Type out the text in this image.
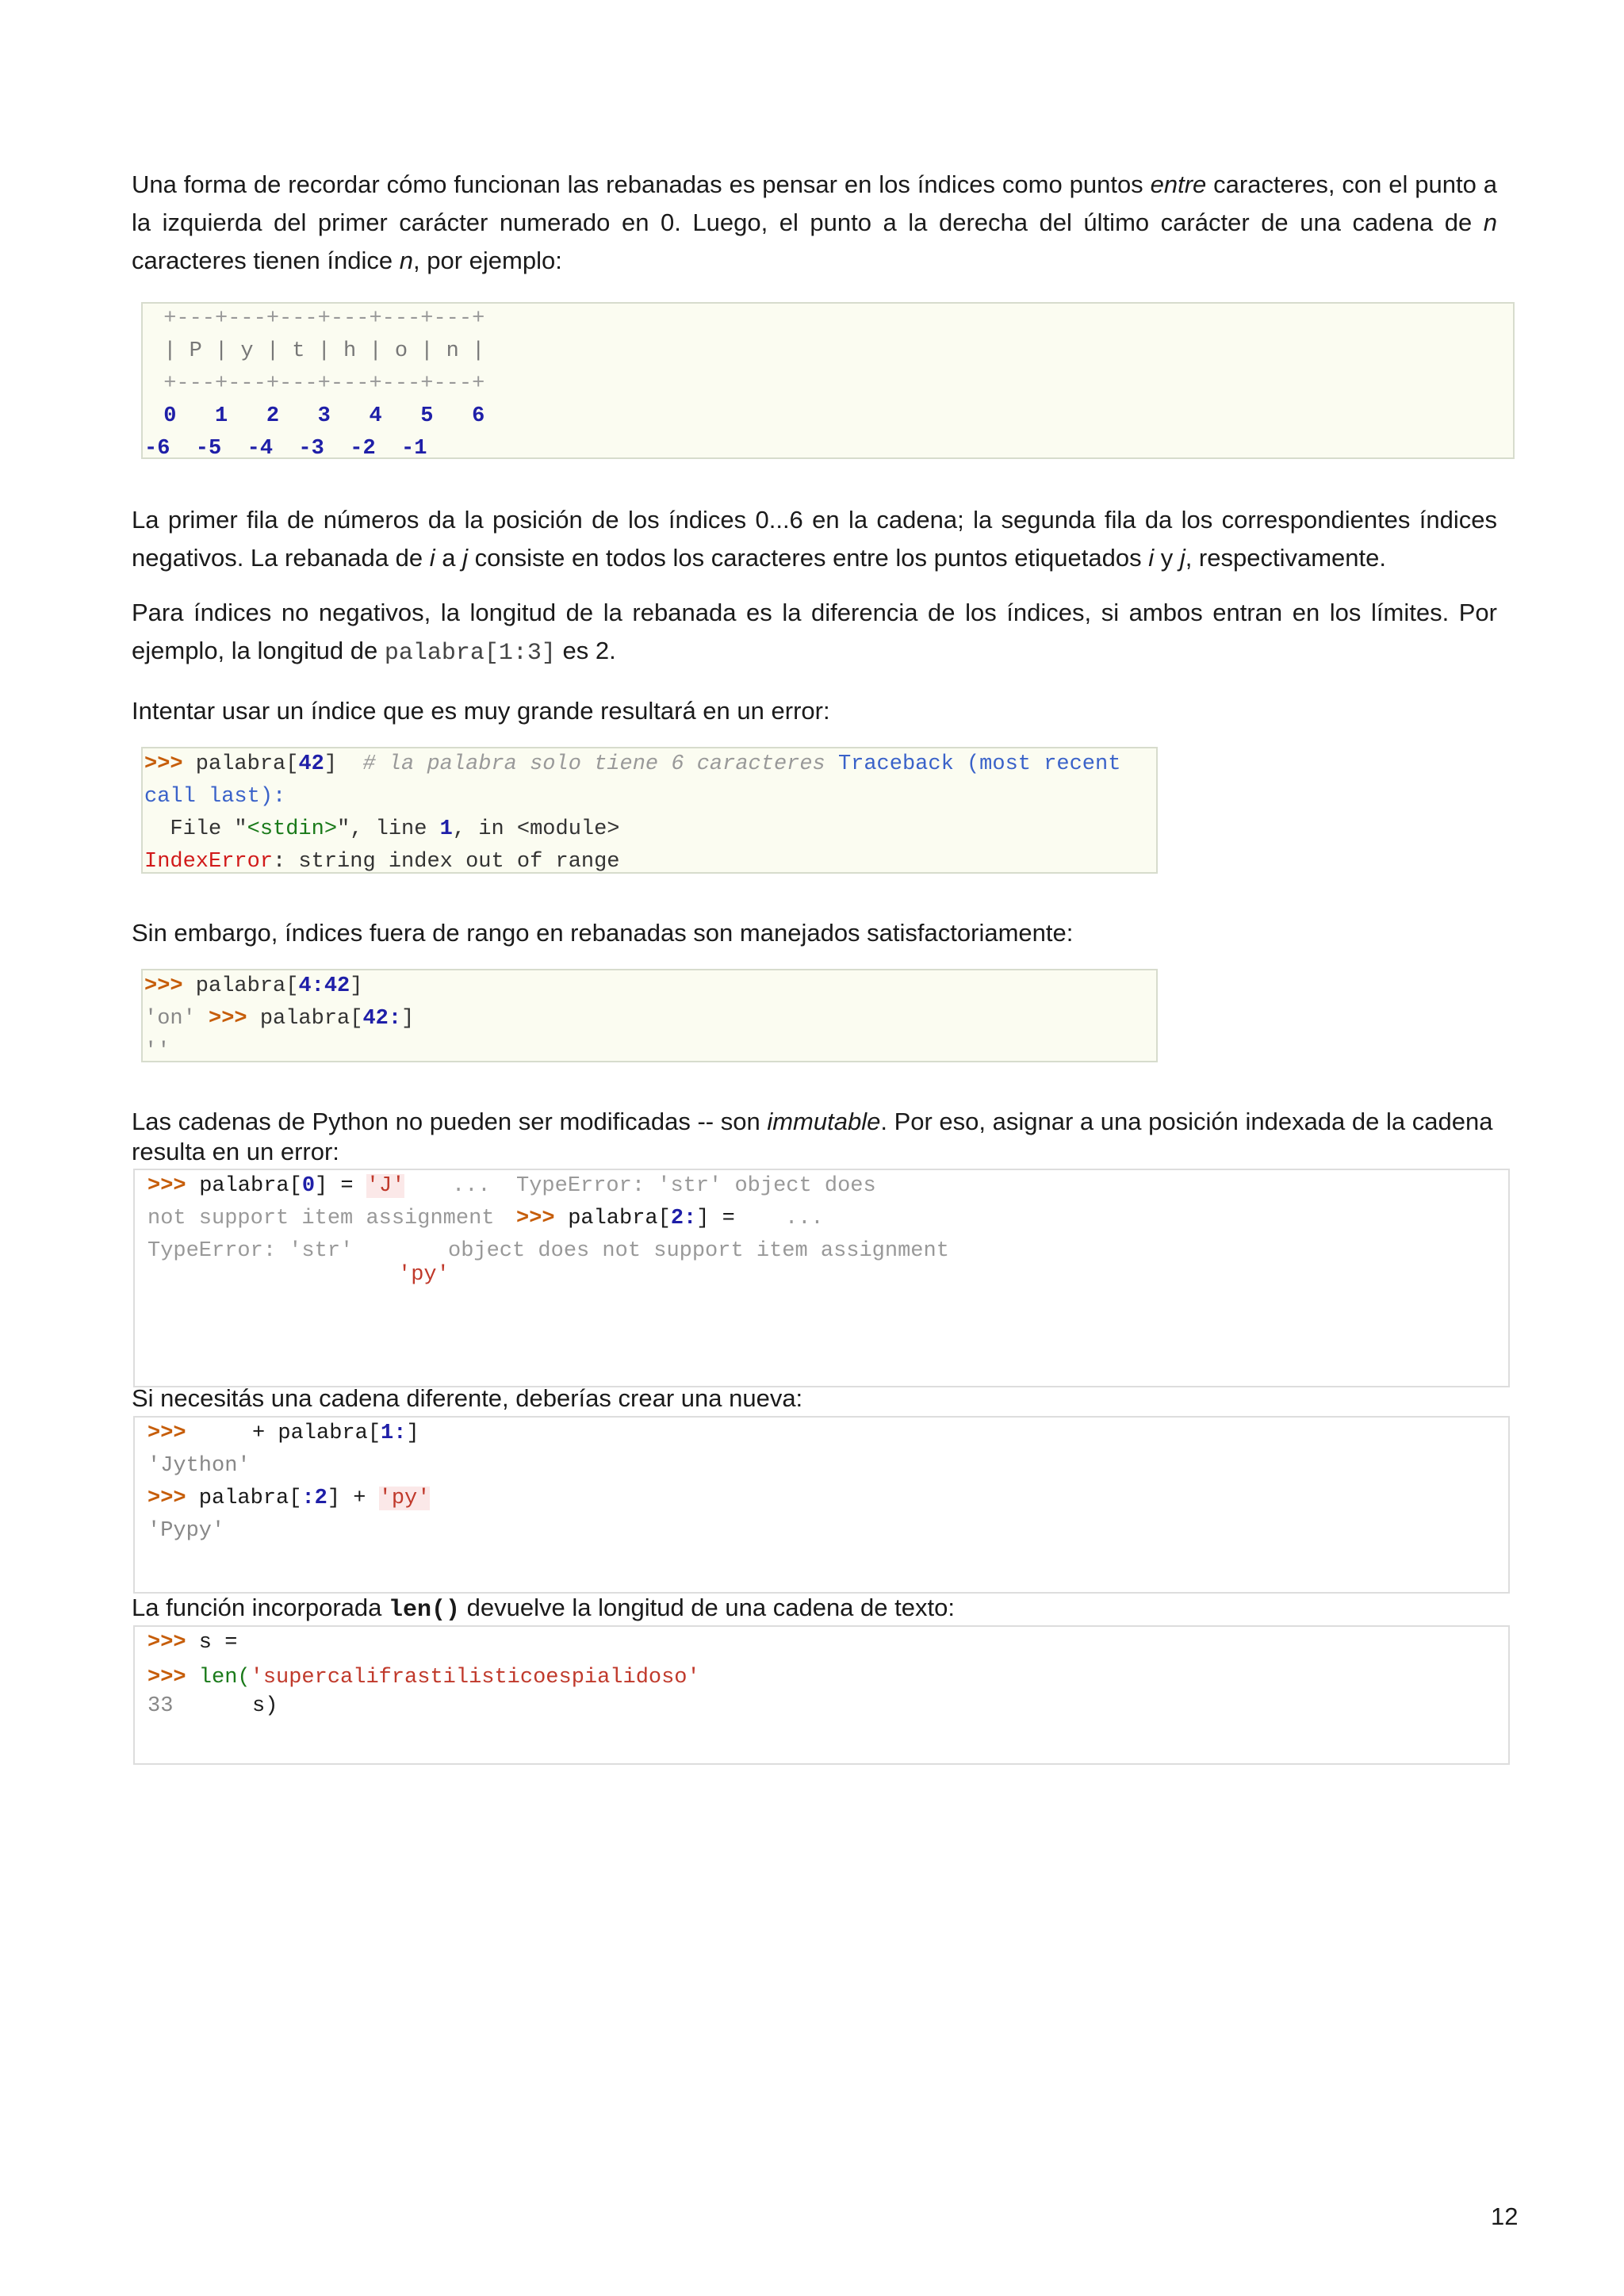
Una forma de recordar cómo funcionan las rebanadas es pensar en los índices como puntos entre caracteres, con el punto a la izquierda del primer carácter numerado en 0. Luego, el punto a la derecha del último carácter de una cadena de n caracteres tienen índice n, por ejemplo:
+---+---+---+---+---+---+
| P | y | t | h | o | n |
+---+---+---+---+---+---+
0   1   2   3   4   5   6
-6  -5  -4  -3  -2  -1
La primer fila de números da la posición de los índices 0...6 en la cadena; la segunda fila da los correspondientes índices negativos. La rebanada de i a j consiste en todos los caracteres entre los puntos etiquetados i y j, respectivamente.
Para índices no negativos, la longitud de la rebanada es la diferencia de los índices, si ambos entran en los límites. Por ejemplo, la longitud de palabra[1:3] es 2.
Intentar usar un índice que es muy grande resultará en un error:
>>> palabra[42]  # la palabra solo tiene 6 caracteres Traceback (most recent
call last):
File "<stdin>", line 1, in <module>
IndexError: string index out of range
Sin embargo, índices fuera de rango en rebanadas son manejados satisfactoriamente:
>>> palabra[4:42]
'on' >>> palabra[42:]
''
Las cadenas de Python no pueden ser modificadas -- son immutable. Por eso, asignar a una posición indexada de la cadena resulta en un error:
>>> palabra[0] = 'J' ...  TypeError: 'str' object does
not support item assignment >>> palabra[2:] = ...
TypeError: 'str'	object does not support item assignment
'py'
Si necesitás una cadena diferente, deberías crear una nueva:
>>>	+ palabra[1:]
'Jython'
>>> palabra[:2] + 'py'
'Pypy'
La función incorporada len() devuelve la longitud de una cadena de texto:
>>> s =
>>> len('supercalifrastilisticoespialidoso'
33	s)
12
